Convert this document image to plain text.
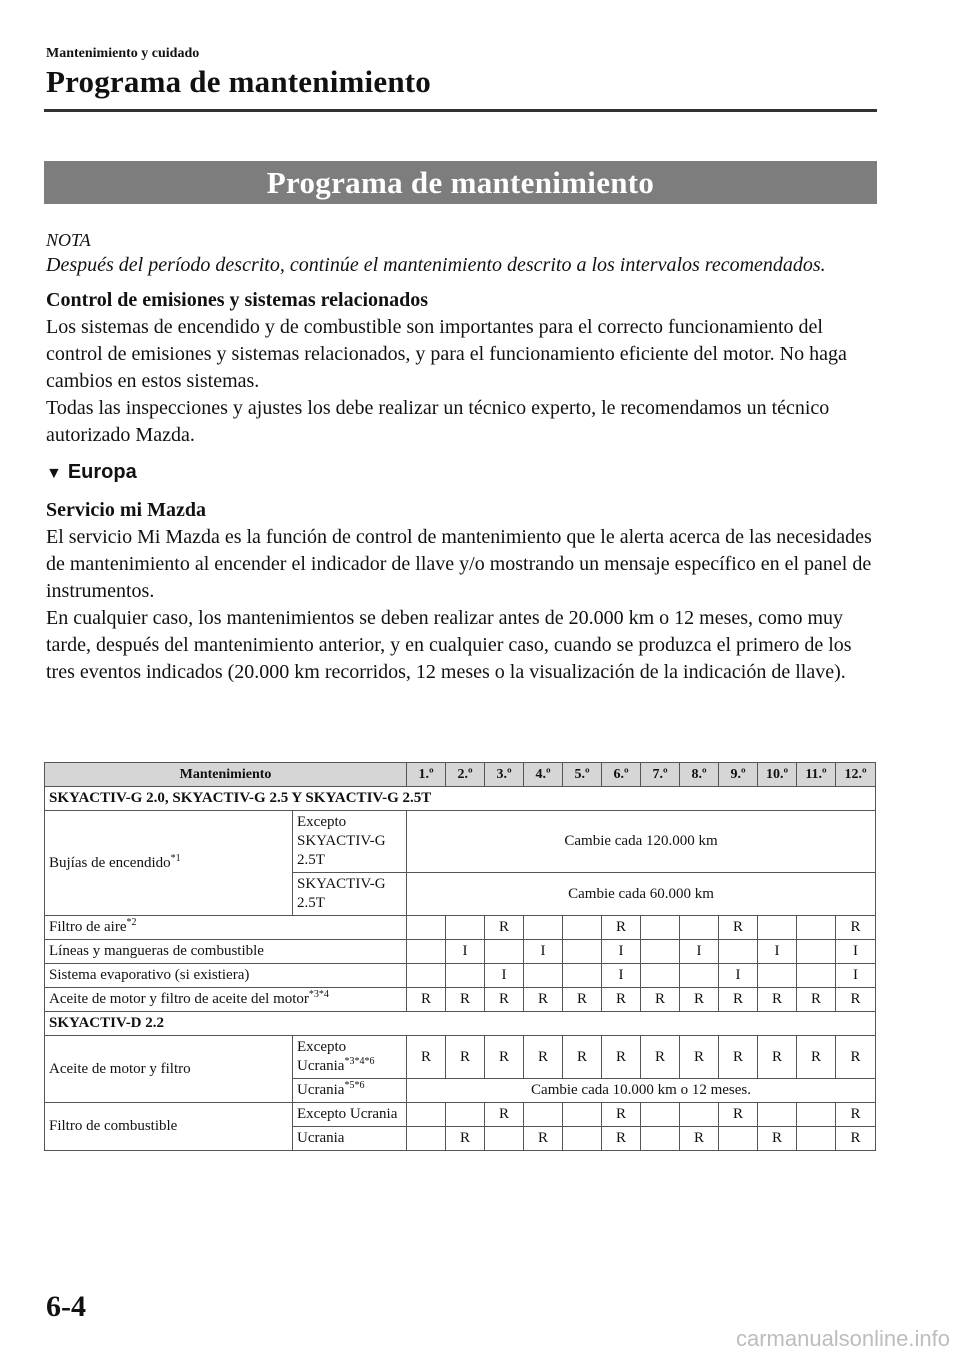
Mantenimiento y cuidado
Programa de mantenimiento
Programa de mantenimiento
NOTA
Después del período descrito, continúe el mantenimiento descrito a los intervalos recomendados.
Control de emisiones y sistemas relacionados

Los sistemas de encendido y de combustible son importantes para el correcto funcionamiento del control de emisiones y sistemas relacionados, y para el funcionamiento eficiente del motor. No haga cambios en estos sistemas.

Todas las inspecciones y ajustes los debe realizar un técnico experto, le recomendamos un técnico autorizado Mazda.

▼ Europa
Servicio mi Mazda

El servicio Mi Mazda es la función de control de mantenimiento que le alerta acerca de las necesidades de mantenimiento al encender el indicador de llave y/o mostrando un mensaje específico en el panel de instrumentos.

En cualquier caso, los mantenimientos se deben realizar antes de 20.000 km o 12 meses, como muy tarde, después del mantenimiento anterior, y en cualquier caso, cuando se produzca el primero de los tres eventos indicados (20.000 km recorridos, 12 meses o la visualización de la indicación de llave).

Mantenimiento		1.º	2.º	3.º	4.º	5.º	6.º	7.º	8.º	9.º	10.º	11.º	12.º
SKYACTIV-G 2.0, SKYACTIV-G 2.5 Y SKYACTIV-G 2.5T													
Bujías de encendido$^{*1}$	Excepto SKYACTIV-G 2.5T	Cambie cada 120.000 km											
	SKYACTIV-G 2.5T	Cambie cada 60.000 km											
Filtro de aire$^{*2}$				R			R			R			R
Líneas y mangueras de combustible			I		I		I		I		I		I
Sistema evaporativo (si existiera)				I			I			I			I
Aceite de motor y filtro de aceite del motor$^{*3*4}$		R	R	R	R	R	R	R	R	R	R	R	R
SKYACTIV-D 2.2													
Aceite de motor y filtro	Excepto Ucrania$^{*3*4*6}$	R	R	R	R	R	R	R	R	R	R	R	R
	Ucrania$^{*5*6}$	Cambie cada 10.000 km o 12 meses.											
Filtro de combustible	Excepto Ucrania			R			R			R			R
	Ucrania		R		R		R		R		R		R
6-4
carmanualsonline.info
